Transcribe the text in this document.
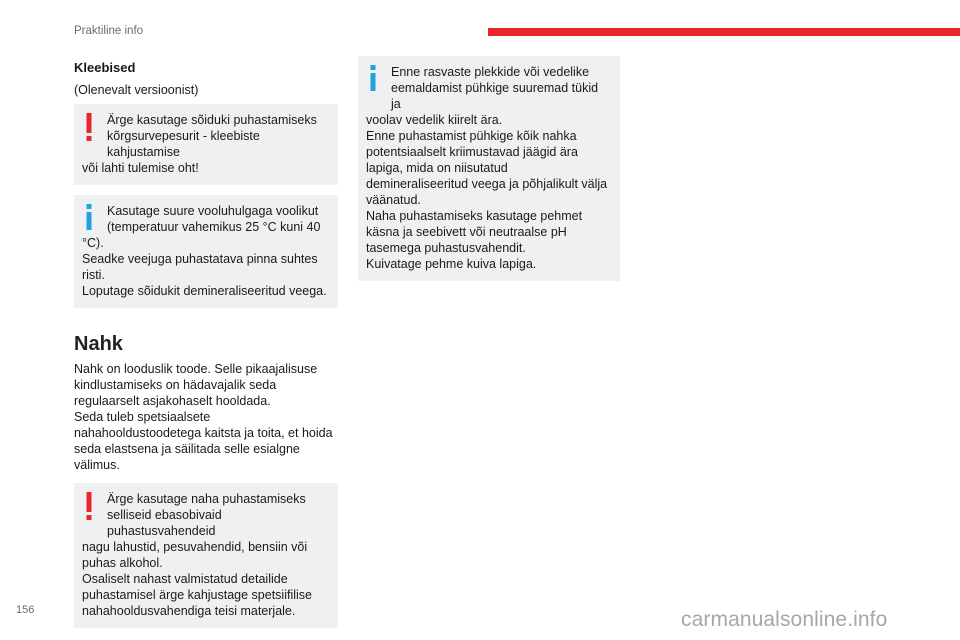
Praktiline info
Kleebised
(Olenevalt versioonist)
Ärge kasutage sõiduki puhastamiseks kõrgsurvepesurit - kleebiste kahjustamise
või lahti tulemise oht!
Kasutage suure vooluhulgaga voolikut (temperatuur vahemikus 25 °C kuni 40
°C).
Seadke veejuga puhastatava pinna suhtes risti.
Loputage sõidukit demineraliseeritud veega.
Nahk
Nahk on looduslik toode. Selle pikaajalisuse kindlustamiseks on hädavajalik seda regulaarselt asjakohaselt hooldada.
Seda tuleb spetsiaalsete nahahooldustoodetega kaitsta ja toita, et hoida seda elastsena ja säilitada selle esialgne välimus.
Ärge kasutage naha puhastamiseks selliseid ebasobivaid puhastusvahendeid
nagu lahustid, pesuvahendid, bensiin või puhas alkohol.
Osaliselt nahast valmistatud detailide puhastamisel ärge kahjustage spetsiifilise nahahooldusvahendiga teisi materjale.
Enne rasvaste plekkide või vedelike eemaldamist pühkige suuremad tükid ja
voolav vedelik kiirelt ära.
Enne puhastamist pühkige kõik nahka potentsiaalselt kriimustavad jäägid ära lapiga, mida on niisutatud demineraliseeritud veega ja põhjalikult välja väänatud.
Naha puhastamiseks kasutage pehmet käsna ja seebivett või neutraalse pH tasemega puhastusvahendit.
Kuivatage pehme kuiva lapiga.
156	carmanualsonline.info
